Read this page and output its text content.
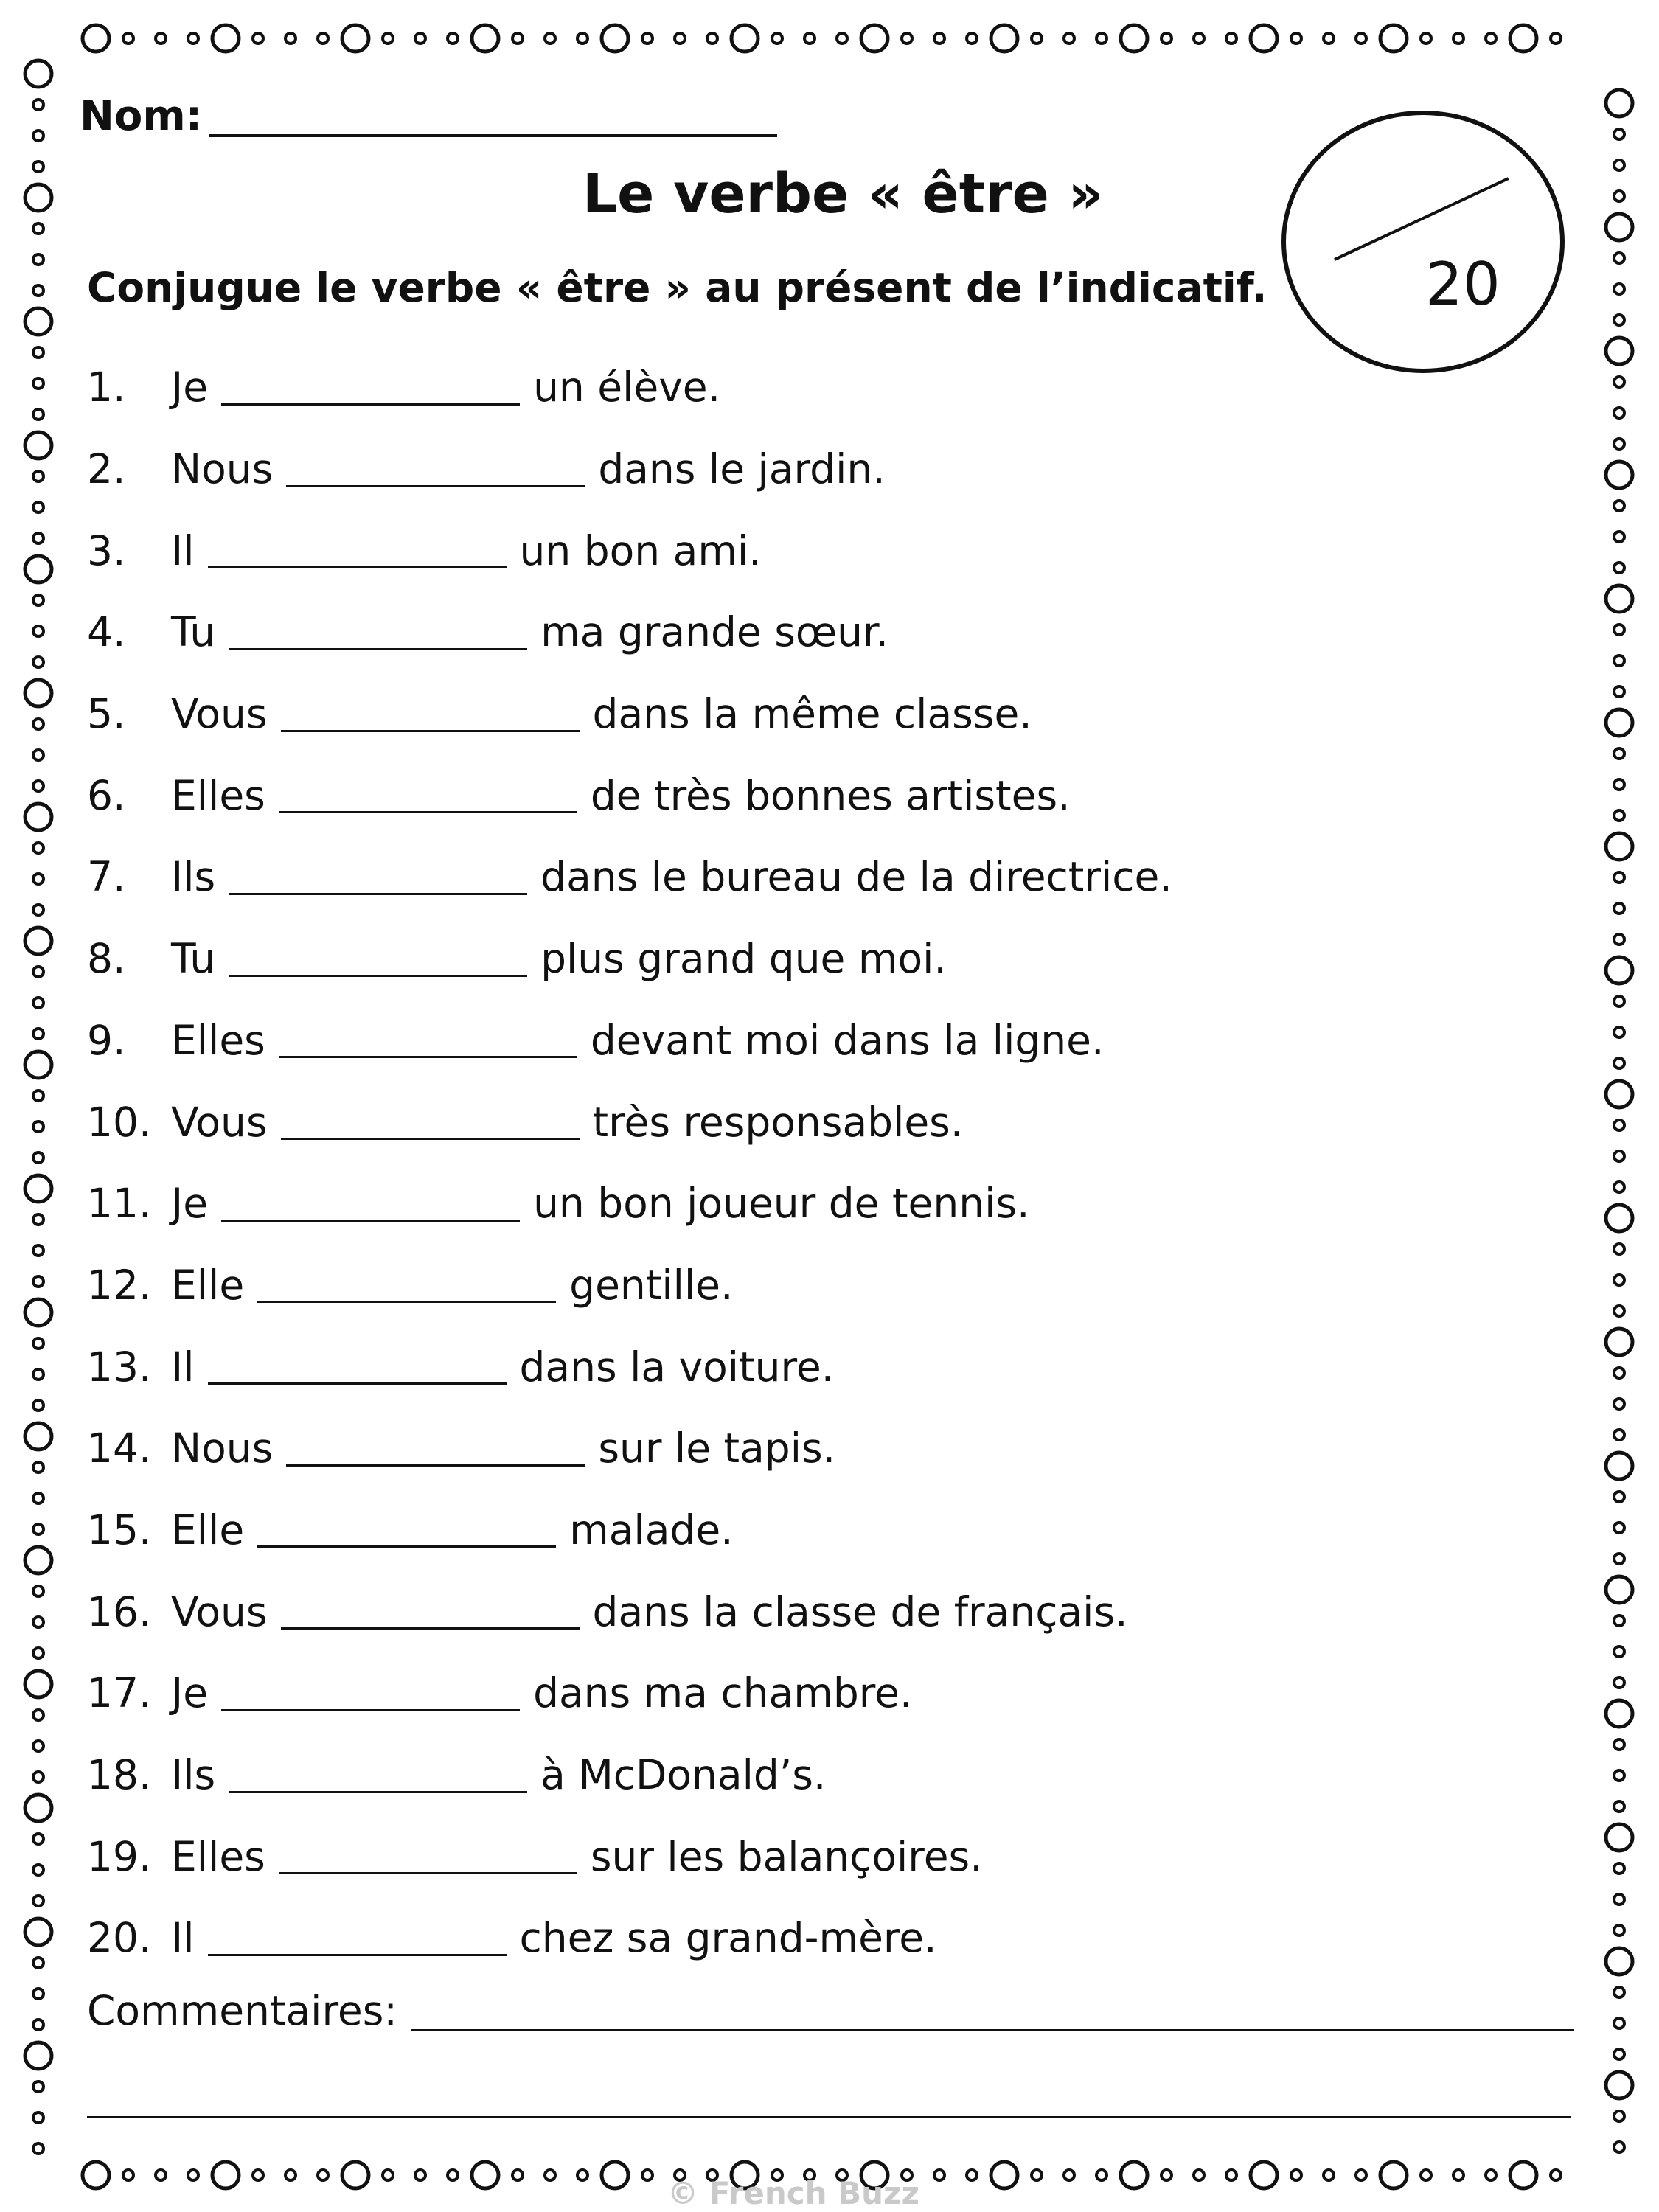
Nom:
Le verbe « être »
20
Conjugue le verbe « être » au présent de l’indicatif.
1.	Je	un élève.
2.	Nous	dans le jardin.
3.	Il	un bon ami.
4.	Tu	ma grande sœur.
5.	Vous	dans la même classe.
6.	Elles	de très bonnes artistes.
7.	Ils	dans le bureau de la directrice.
8.	Tu	plus grand que moi.
9.	Elles	devant moi dans la ligne.
10. Vous	très responsables.
11. Je	un bon joueur de tennis.
12. Elle	gentille.
13. Il	dans la voiture.
14. Nous	sur le tapis.
15. Elle	malade.
16. Vous	dans la classe de français.
17. Je	dans ma chambre.
18. Ils	à McDonald’s.
19. Elles	sur les balançoires.
20. Il	chez sa grand-mère.
Commentaires:
© French Buzz
